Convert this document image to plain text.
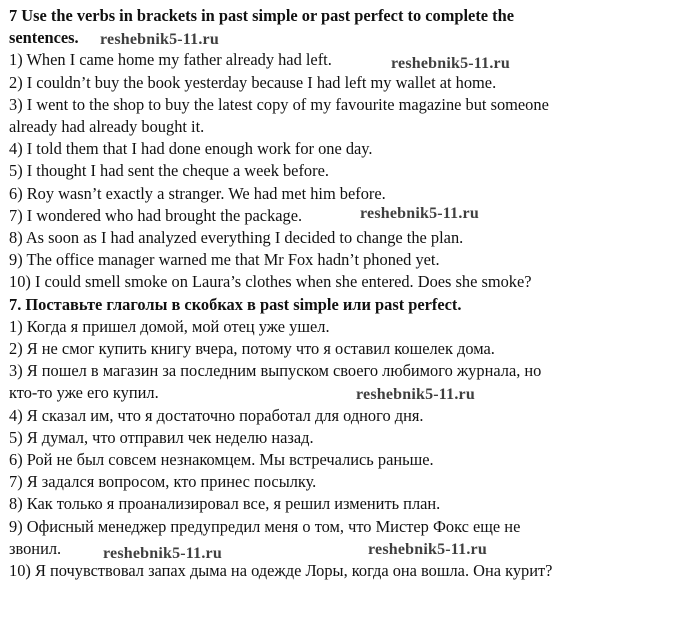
7 Use the verbs in brackets in past simple or past perfect to complete the
sentences.
1) When I came home my father already had left.
2) I couldn’t buy the book yesterday because I had left my wallet at home.
3) I went to the shop to buy the latest copy of my favourite magazine but someone
already had already bought it.
4) I told them that I had done enough work for one day.
5) I thought I had sent the cheque a week before.
6) Roy wasn’t exactly a stranger. We had met him before.
7) I wondered who had brought the package.
8) As soon as I had analyzed everything I decided to change the plan.
9) The office manager warned me that Mr Fox hadn’t phoned yet.
10) I could smell smoke on Laura’s clothes when she entered. Does she smoke?
7. Поставьте глаголы в скобках в past simple или past perfect.
1) Когда я пришел домой, мой отец уже ушел.
2) Я не смог купить книгу вчера, потому что я оставил кошелек дома.
3) Я пошел в магазин за последним выпуском своего любимого журнала, но
кто-то уже его купил.
4) Я сказал им, что я достаточно поработал для одного дня.
5) Я думал, что отправил чек неделю назад.
6) Рой не был совсем незнакомцем. Мы встречались раньше.
7) Я задался вопросом, кто принес посылку.
8) Как только я проанализировал все, я решил изменить план.
9) Офисный менеджер предупредил меня о том, что Мистер Фокс еще не
звонил.
10) Я почувствовал запах дыма на одежде Лоры, когда она вошла. Она курит?
reshebnik5-11.ru
reshebnik5-11.ru
reshebnik5-11.ru
reshebnik5-11.ru
reshebnik5-11.ru	reshebnik5-11.ru
